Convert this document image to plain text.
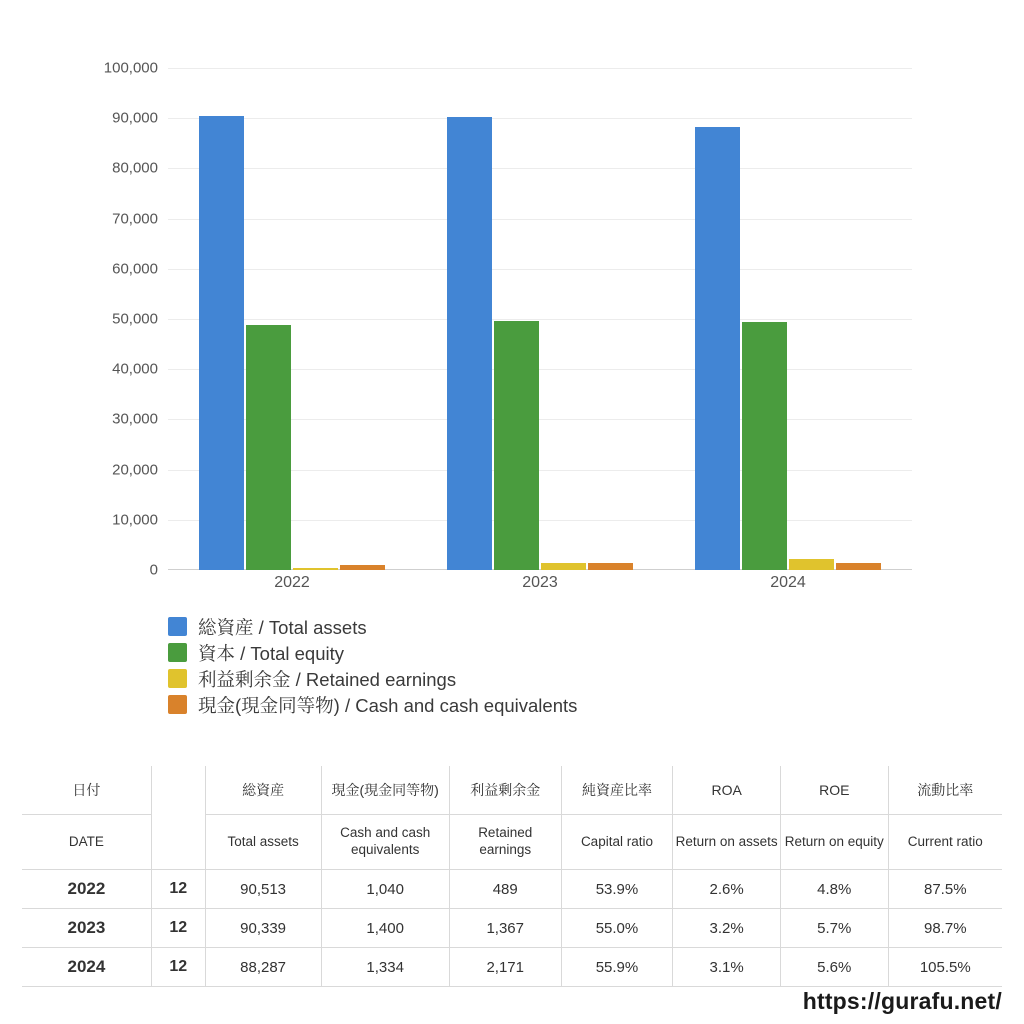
0
10,000
20,000
30,000
40,000
50,000
60,000
70,000
80,000
90,000
100,000
2022	2023	2024
総資産 / Total assets
資本 / Total equity
利益剰余金 / Retained earnings
現金(現金同等物) / Cash and cash equivalents
日付		総資産	現金(現金同等物)	利益剰余金	純資産比率	ROA	ROE	流動比率
DATE		Total assets	Cash and cash equivalents	Retained earnings	Capital ratio	Return on assets	Return on equity	Current ratio
2022	12	90,513	1,040	489	53.9%	2.6%	4.8%	87.5%
2023	12	90,339	1,400	1,367	55.0%	3.2%	5.7%	98.7%
2024	12	88,287	1,334	2,171	55.9%	3.1%	5.6%	105.5%
https://gurafu.net/
